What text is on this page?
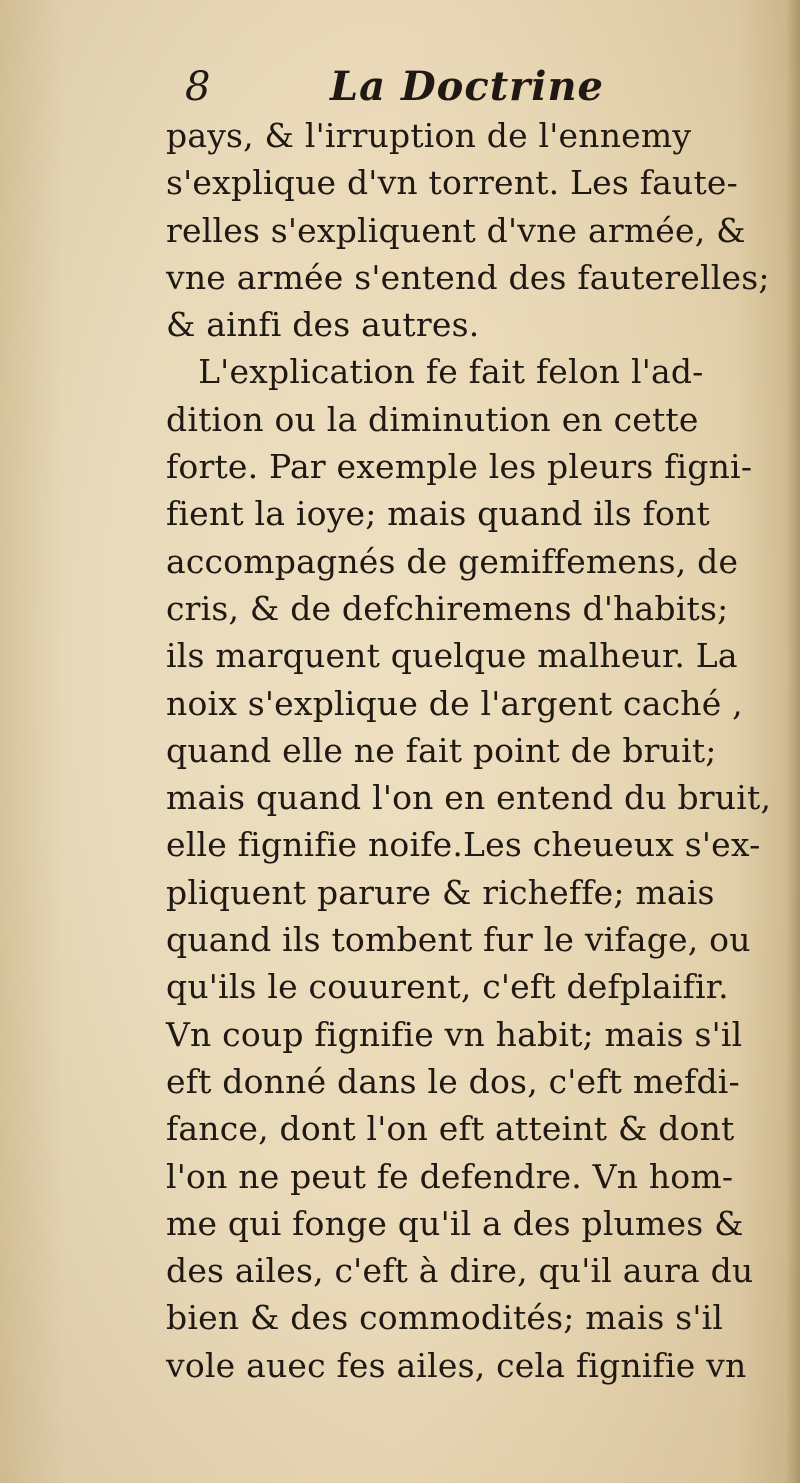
8	La Doctrine
pays, & l'irruption de l'ennemy
s'explique d'vn torrent. Les faute-
relles s'expliquent d'vne armée, &
vne armée s'entend des fauterelles;
& ainfi des autres.
L'explication fe fait felon l'ad-
dition ou la diminution en cette
forte. Par exemple les pleurs figni-
fient la ioye; mais quand ils font
accompagnés de gemiffemens, de
cris, & de defchiremens d'habits;
ils marquent quelque malheur. La
noix s'explique de l'argent caché ,
quand elle ne fait point de bruit;
mais quand l'on en entend du bruit,
elle fignifie noife.Les cheueux s'ex-
pliquent parure & richeffe; mais
quand ils tombent fur le vifage, ou
qu'ils le couurent, c'eft defplaifir.
Vn coup fignifie vn habit; mais s'il
eft donné dans le dos, c'eft mefdi-
fance, dont l'on eft atteint & dont
l'on ne peut fe defendre. Vn hom-
me qui fonge qu'il a des plumes &
des ailes, c'eft à dire, qu'il aura du
bien & des commodités; mais s'il
vole auec fes ailes, cela fignifie vn
